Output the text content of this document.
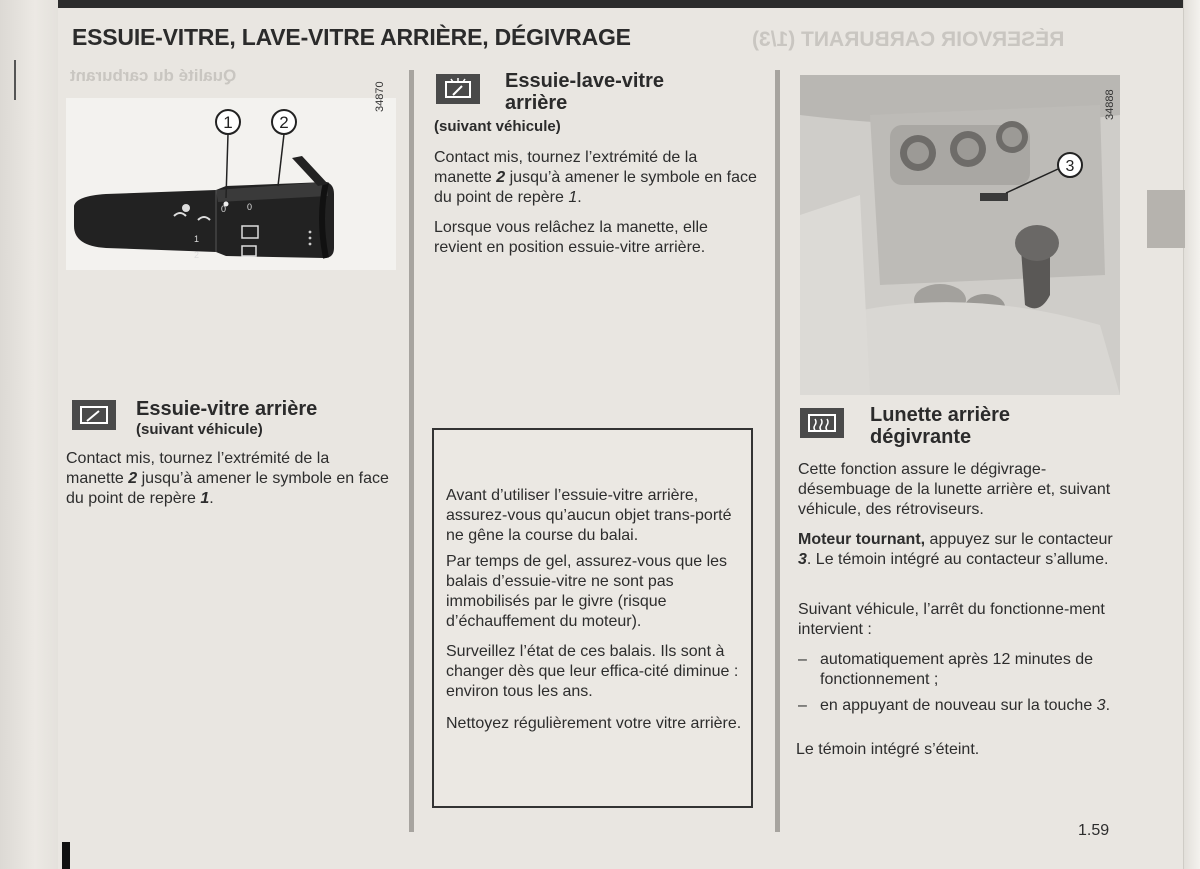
RÉSERVOIR CARBURANT (1/3)

Qualité du carburant

ESSUIE-VITRE, LAVE-VITRE ARRIÈRE, DÉGIVRAGE
1	2
0 0
1
2
34870
Essuie-vitre arrière

(suivant véhicule)

Contact mis, tournez l’extrémité de la manette 2 jusqu’à amener le symbole en face du point de repère 1.

Essuie-lave-vitre arrière

(suivant véhicule)

Contact mis, tournez l’extrémité de la manette 2 jusqu’à amener le symbole en face du point de repère 1.

Lorsque vous relâchez la manette, elle revient en position essuie-vitre arrière.

Avant d’utiliser l’essuie-vitre arrière, assurez-vous qu’aucun objet trans-porté ne gêne la course du balai.

Par temps de gel, assurez-vous que les balais d’essuie-vitre ne sont pas immobilisés par le givre (risque d’échauffement du moteur).

Surveillez l’état de ces balais. Ils sont à changer dès que leur effica-cité diminue : environ tous les ans.

Nettoyez régulièrement votre vitre arrière.

3
34888
Lunette arrière dégivrante

Cette fonction assure le dégivrage-désembuage de la lunette arrière et, suivant véhicule, des rétroviseurs.

Moteur tournant, appuyez sur le contacteur 3. Le témoin intégré au contacteur s’allume.

Suivant véhicule, l’arrêt du fonctionne-ment intervient :

– automatiquement après 12 minutes de fonctionnement ;
– en appuyant de nouveau sur la touche 3.

Le témoin intégré s’éteint.

1.59
